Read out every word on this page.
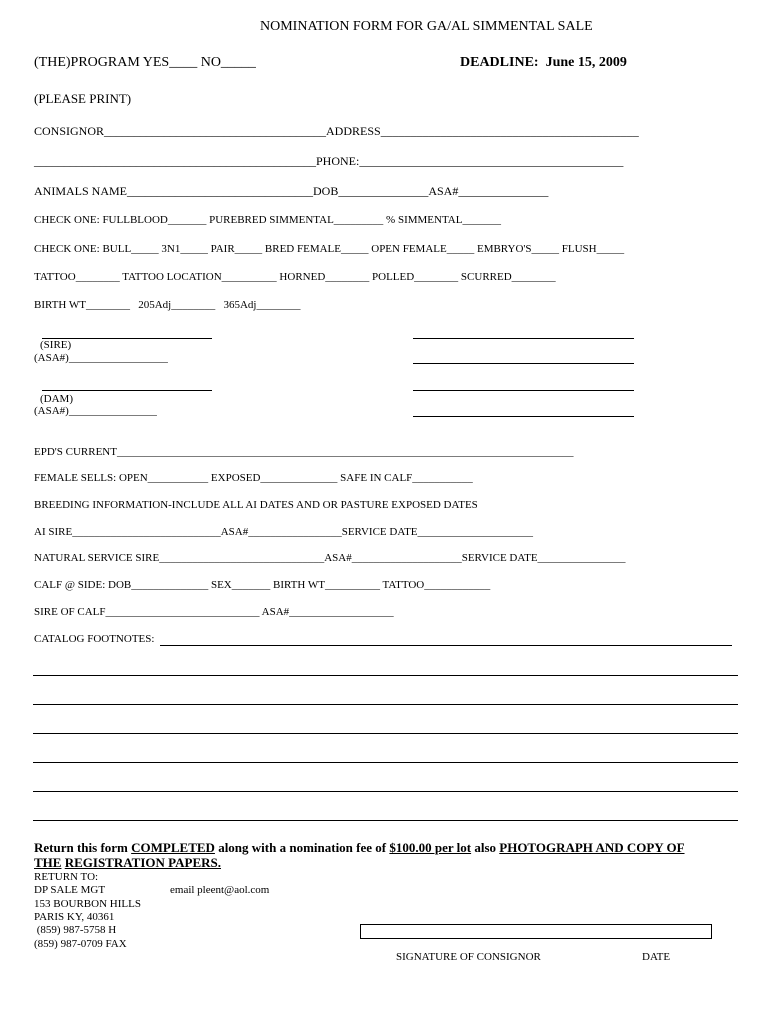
NOMINATION FORM FOR GA/AL SIMMENTAL SALE
(THE)PROGRAM YES____ NO_____	DEADLINE: June 15, 2009
(PLEASE PRINT)
CONSIGNOR_____________________________________ADDRESS___________________________________________
_______________________________________________PHONE:____________________________________________
ANIMALS NAME_______________________________DOB_______________ASA#_______________
CHECK ONE: FULLBLOOD_______ PUREBRED SIMMENTAL_________ % SIMMENTAL_______
CHECK ONE: BULL_____ 3N1_____ PAIR_____ BRED FEMALE_____ OPEN FEMALE_____ EMBRYO'S_____ FLUSH_____
TATTOO________ TATTOO LOCATION__________ HORNED________ POLLED________ SCURRED________
BIRTH WT________   205Adj________   365Adj________
(SIRE)
(ASA#)__________________
(DAM)
(ASA#)________________
EPD'S CURRENT___________________________________________________________________________________
FEMALE SELLS: OPEN___________ EXPOSED______________ SAFE IN CALF___________
BREEDING INFORMATION-INCLUDE ALL AI DATES AND OR PASTURE EXPOSED DATES
AI SIRE___________________________ASA#_________________SERVICE DATE_____________________
NATURAL SERVICE SIRE______________________________ASA#____________________SERVICE DATE________________
CALF @ SIDE: DOB______________ SEX_______ BIRTH WT__________ TATTOO____________
SIRE OF CALF____________________________ ASA#___________________
CATALOG FOOTNOTES:
Return this form COMPLETED along with a nomination fee of $100.00 per lot also PHOTOGRAPH AND COPY OF
THE REGISTRATION PAPERS.
RETURN TO:
DP SALE MGT	email pleent@aol.com
153 BOURBON HILLS
PARIS KY, 40361
(859) 987-5758 H
(859) 987-0709 FAX
SIGNATURE OF CONSIGNOR	DATE
